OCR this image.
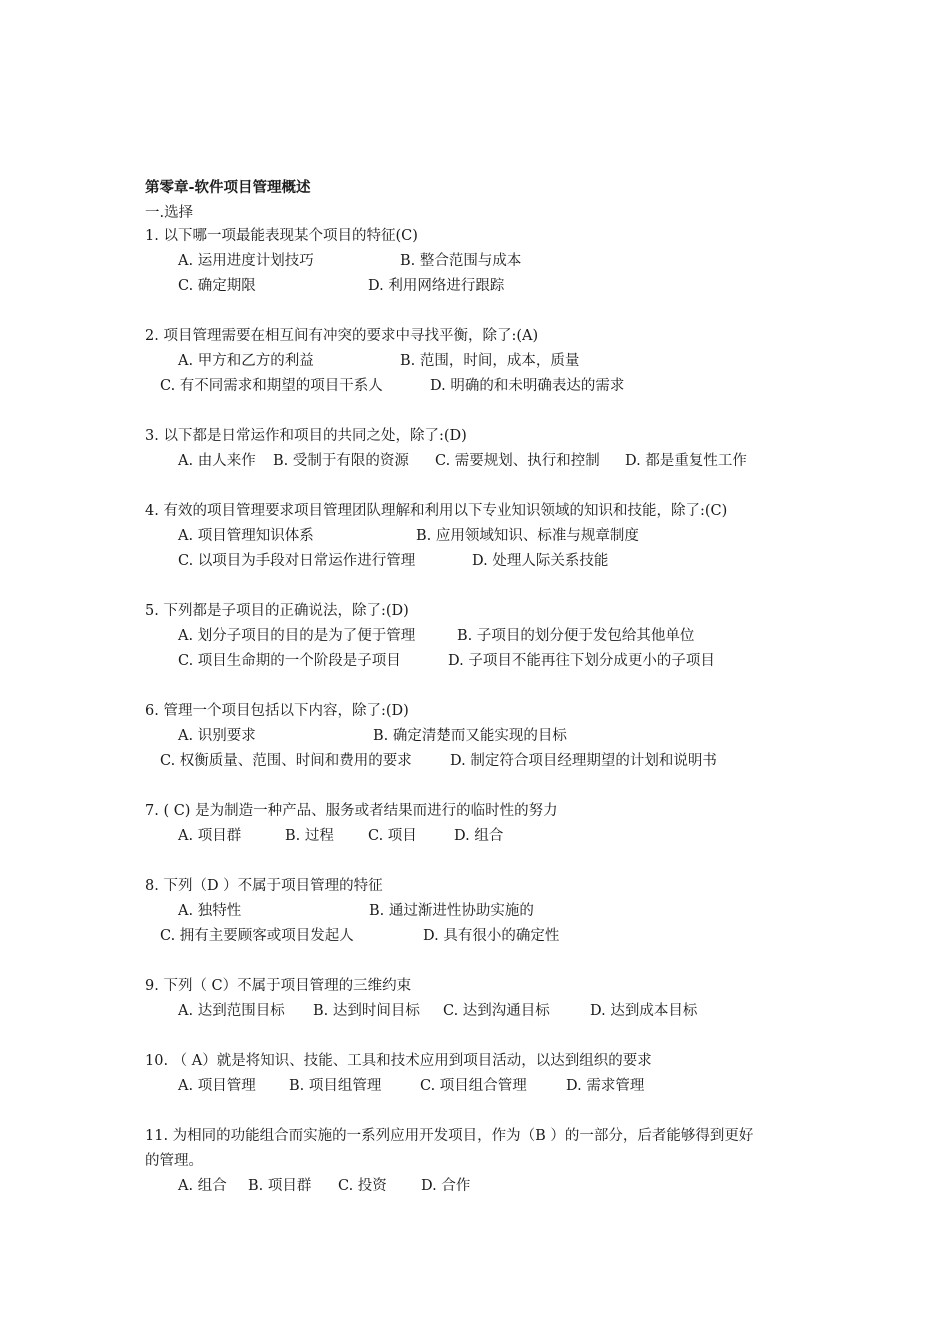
第零章-软件项目管理概述
一.选择
1. 以下哪一项最能表现某个项目的特征(C)
A. 运用进度计划技巧	B. 整合范围与成本
C. 确定期限	D. 利用网络进行跟踪
2. 项目管理需要在相互间有冲突的要求中寻找平衡，除了:(A)
A. 甲方和乙方的利益	B. 范围，时间，成本，质量
C. 有不同需求和期望的项目干系人	D. 明确的和未明确表达的需求
3. 以下都是日常运作和项目的共同之处，除了:(D)
A. 由人来作 B. 受制于有限的资源 C. 需要规划、执行和控制 D. 都是重复性工作
4. 有效的项目管理要求项目管理团队理解和利用以下专业知识领域的知识和技能，除了:(C)
A. 项目管理知识体系	B. 应用领域知识、标准与规章制度
C. 以项目为手段对日常运作进行管理	D. 处理人际关系技能
5. 下列都是子项目的正确说法，除了:(D)
A. 划分子项目的目的是为了便于管理	B. 子项目的划分便于发包给其他单位
C. 项目生命期的一个阶段是子项目	D. 子项目不能再往下划分成更小的子项目
6. 管理一个项目包括以下内容，除了:(D)
A. 识别要求	B. 确定清楚而又能实现的目标
C. 权衡质量、范围、时间和费用的要求	D. 制定符合项目经理期望的计划和说明书
7. ( C) 是为制造一种产品、服务或者结果而进行的临时性的努力
A. 项目群	B. 过程 C. 项目	D. 组合
8. 下列（D ）不属于项目管理的特征
A. 独特性	B. 通过渐进性协助实施的
C. 拥有主要顾客或项目发起人	D. 具有很小的确定性
9. 下列（ C）不属于项目管理的三维约束
A. 达到范围目标 B. 达到时间目标 C. 达到沟通目标	D. 达到成本目标
10. （ A）就是将知识、技能、工具和技术应用到项目活动，以达到组织的要求
A. 项目管理 B. 项目组管理	C. 项目组合管理	D. 需求管理
11. 为相同的功能组合而实施的一系列应用开发项目，作为（B ）的一部分，后者能够得到更好
的管理。
A. 组合 B. 项目群 C. 投资 D. 合作
